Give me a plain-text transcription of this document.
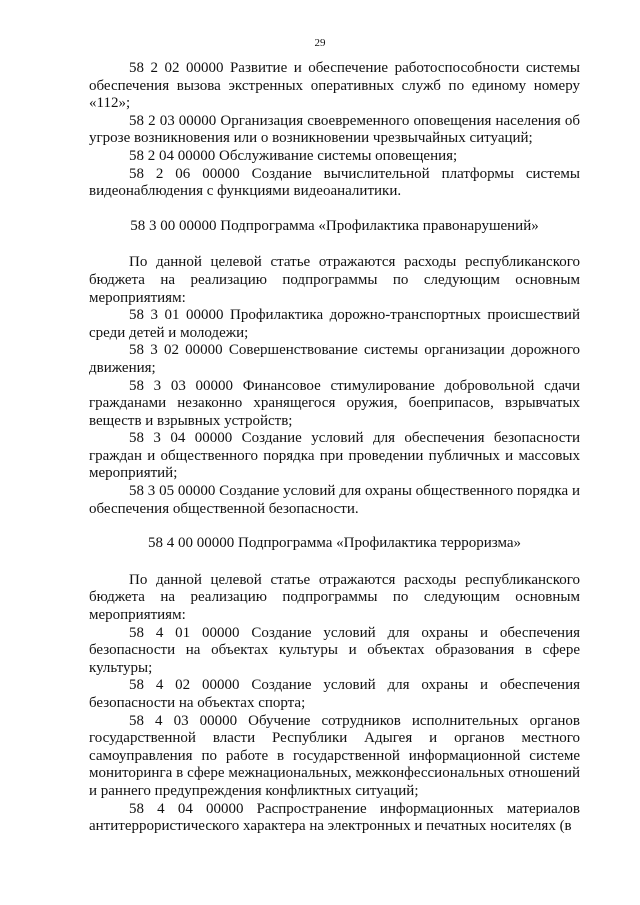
29

58 2 02 00000 Развитие и обеспечение работоспособности системы обеспечения вызова экстренных оперативных служб по единому номеру «112»;

58 2 03 00000 Организация своевременного оповещения населения об угрозе возникновения или о возникновении чрезвычайных ситуаций;

58 2 04 00000 Обслуживание системы оповещения;

58 2 06 00000 Создание вычислительной платформы системы видеонаблюдения с функциями видеоаналитики.

58 3 00 00000 Подпрограмма «Профилактика правонарушений»

По данной целевой статье отражаются расходы республиканского бюджета на реализацию подпрограммы по следующим основным мероприятиям:

58 3 01 00000 Профилактика дорожно-транспортных происшествий среди детей и молодежи;

58 3 02 00000 Совершенствование системы организации дорожного движения;

58 3 03 00000 Финансовое стимулирование добровольной сдачи гражданами незаконно хранящегося оружия, боеприпасов, взрывчатых веществ и взрывных устройств;

58 3 04 00000 Создание условий для обеспечения безопасности граждан и общественного порядка при проведении публичных и массовых мероприятий;

58 3 05 00000 Создание условий для охраны общественного порядка и обеспечения общественной безопасности.

58 4 00 00000 Подпрограмма «Профилактика терроризма»

По данной целевой статье отражаются расходы республиканского бюджета на реализацию подпрограммы по следующим основным мероприятиям:

58 4 01 00000 Создание условий для охраны и обеспечения безопасности на объектах культуры и объектах образования в сфере культуры;

58 4 02 00000 Создание условий для охраны и обеспечения безопасности на объектах спорта;

58 4 03 00000 Обучение сотрудников исполнительных органов государственной власти Республики Адыгея и органов местного самоуправления по работе в государственной информационной системе мониторинга в сфере межнациональных, межконфессиональных отношений и раннего предупреждения конфликтных ситуаций;

58 4 04 00000 Распространение информационных материалов антитеррористического характера на электронных и печатных носителях (в
